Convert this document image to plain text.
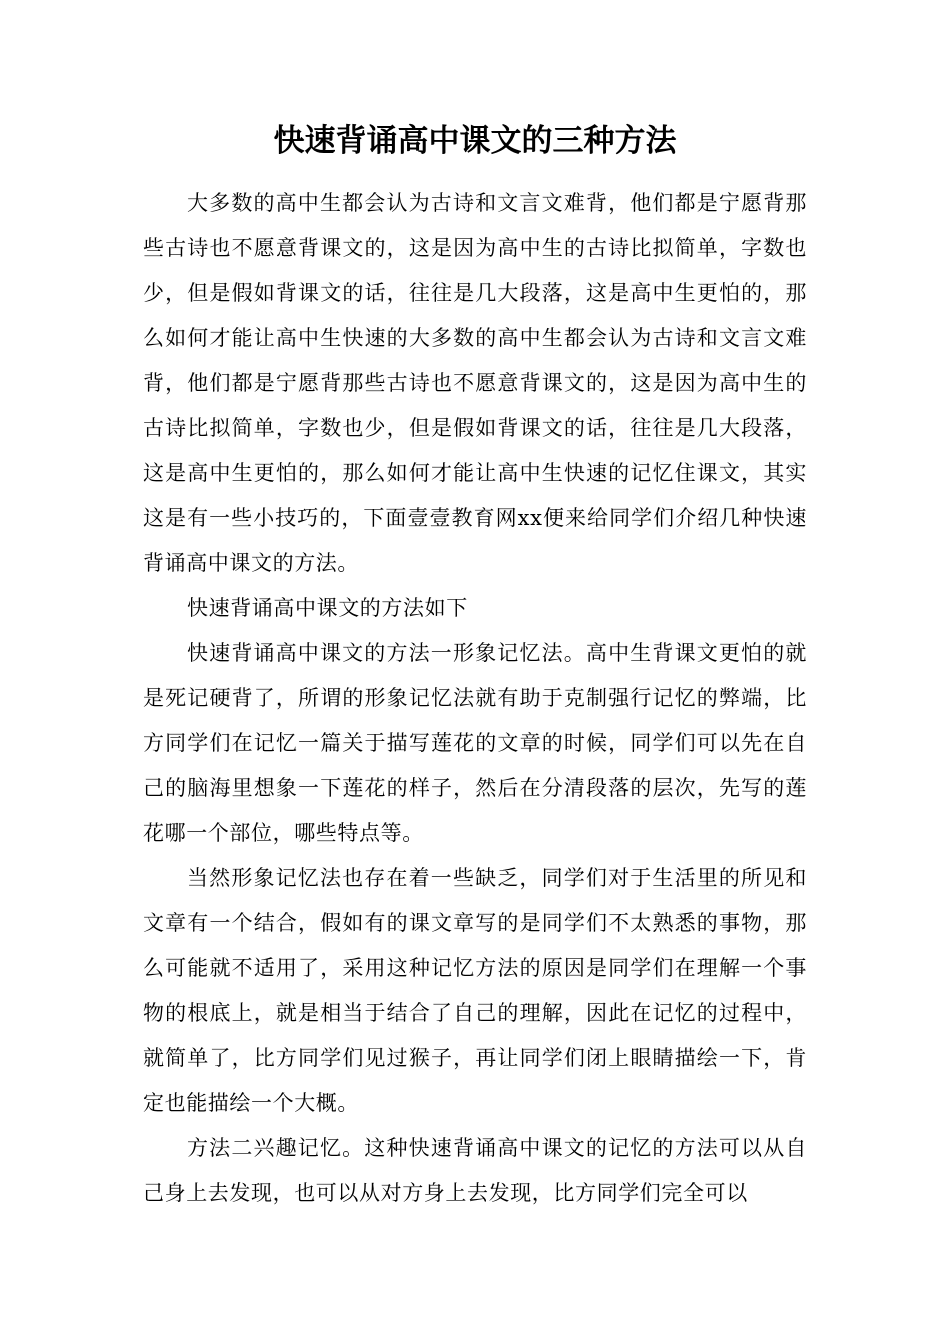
快速背诵高中课文的三种方法

大多数的高中生都会认为古诗和文言文难背，他们都是宁愿背那些古诗也不愿意背课文的，这是因为高中生的古诗比拟简单，字数也少，但是假如背课文的话，往往是几大段落，这是高中生更怕的，那么如何才能让高中生快速的大多数的高中生都会认为古诗和文言文难背，他们都是宁愿背那些古诗也不愿意背课文的，这是因为高中生的古诗比拟简单，字数也少，但是假如背课文的话，往往是几大段落，这是高中生更怕的，那么如何才能让高中生快速的记忆住课文，其实这是有一些小技巧的，下面壹壹教育网xx便来给同学们介绍几种快速背诵高中课文的方法。

快速背诵高中课文的方法如下

快速背诵高中课文的方法一形象记忆法。高中生背课文更怕的就是死记硬背了，所谓的形象记忆法就有助于克制强行记忆的弊端，比方同学们在记忆一篇关于描写莲花的文章的时候，同学们可以先在自己的脑海里想象一下莲花的样子，然后在分清段落的层次，先写的莲花哪一个部位，哪些特点等。

当然形象记忆法也存在着一些缺乏，同学们对于生活里的所见和文章有一个结合，假如有的课文章写的是同学们不太熟悉的事物，那么可能就不适用了，采用这种记忆方法的原因是同学们在理解一个事物的根底上，就是相当于结合了自己的理解，因此在记忆的过程中，就简单了，比方同学们见过猴子，再让同学们闭上眼睛描绘一下，肯定也能描绘一个大概。

方法二兴趣记忆。这种快速背诵高中课文的记忆的方法可以从自己身上去发现，也可以从对方身上去发现，比方同学们完全可以
